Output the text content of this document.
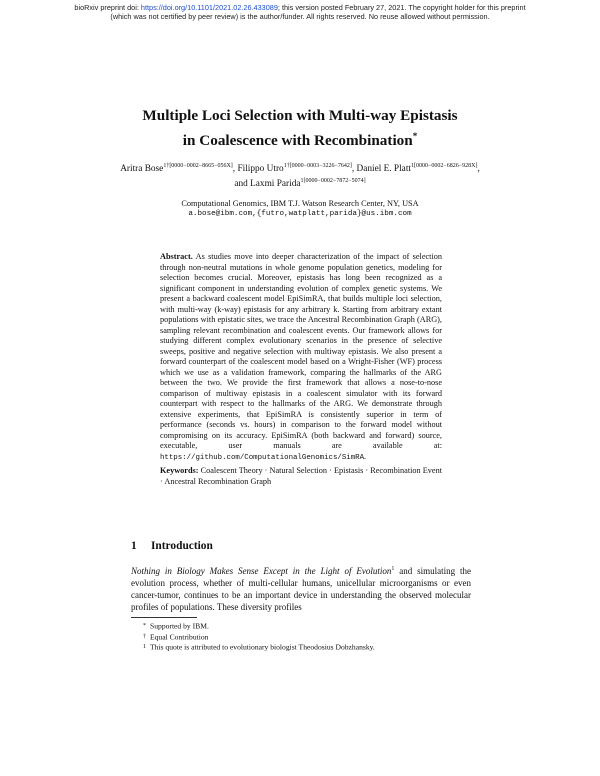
bioRxiv preprint doi: https://doi.org/10.1101/2021.02.26.433089; this version posted February 27, 2021. The copyright holder for this preprint
(which was not certified by peer review) is the author/funder. All rights reserved. No reuse allowed without permission.
Multiple Loci Selection with Multi-way Epistasis
in Coalescence with Recombination*
Aritra Bose$^{1\dagger[0000-0002-8665-056X]}$, Filippo Utro$^{1\dagger[0000-0003-3226-7642]}$, Daniel E. Platt$^{1[0000-0002-6826-928X]}$, and Laxmi Parida$^{1[0000-0002-7872-5074]}$
Computational Genomics, IBM T.J. Watson Research Center, NY, USA
a.bose@ibm.com,{futro,watplatt,parida}@us.ibm.com
Abstract. As studies move into deeper characterization of the impact of selection through non-neutral mutations in whole genome population genetics, modeling for selection becomes crucial. Moreover, epistasis has long been recognized as a significant component in understanding evolution of complex genetic systems. We present a backward coalescent model EpiSimRA, that builds multiple loci selection, with multi-way (k-way) epistasis for any arbitrary k. Starting from arbitrary extant populations with epistatic sites, we trace the Ancestral Recombination Graph (ARG), sampling relevant recombination and coalescent events. Our framework allows for studying different complex evolutionary scenarios in the presence of selective sweeps, positive and negative selection with multiway epistasis. We also present a forward counterpart of the coalescent model based on a Wright-Fisher (WF) process which we use as a validation framework, comparing the hallmarks of the ARG between the two. We provide the first framework that allows a nose-to-nose comparison of multiway epistasis in a coalescent simulator with its forward counterpart with respect to the hallmarks of the ARG. We demonstrate through extensive experiments, that EpiSimRA is consistently superior in term of performance (seconds vs. hours) in comparison to the forward model without compromising on its accuracy. EpiSimRA (both backward and forward) source, executable, user manuals are available at: https://github.com/ComputationalGenomics/SimRA.
Keywords: Coalescent Theory · Natural Selection · Epistasis · Recombination Event · Ancestral Recombination Graph
1 Introduction
Nothing in Biology Makes Sense Except in the Light of Evolution$^1$ and simulating the evolution process, whether of multi-cellular humans, unicellular microorganisms or even cancer-tumor, continues to be an important device in understanding the observed molecular profiles of populations. These diversity profiles
* Supported by IBM.
† Equal Contribution
1 This quote is attributed to evolutionary biologist Theodosius Dobzhansky.
